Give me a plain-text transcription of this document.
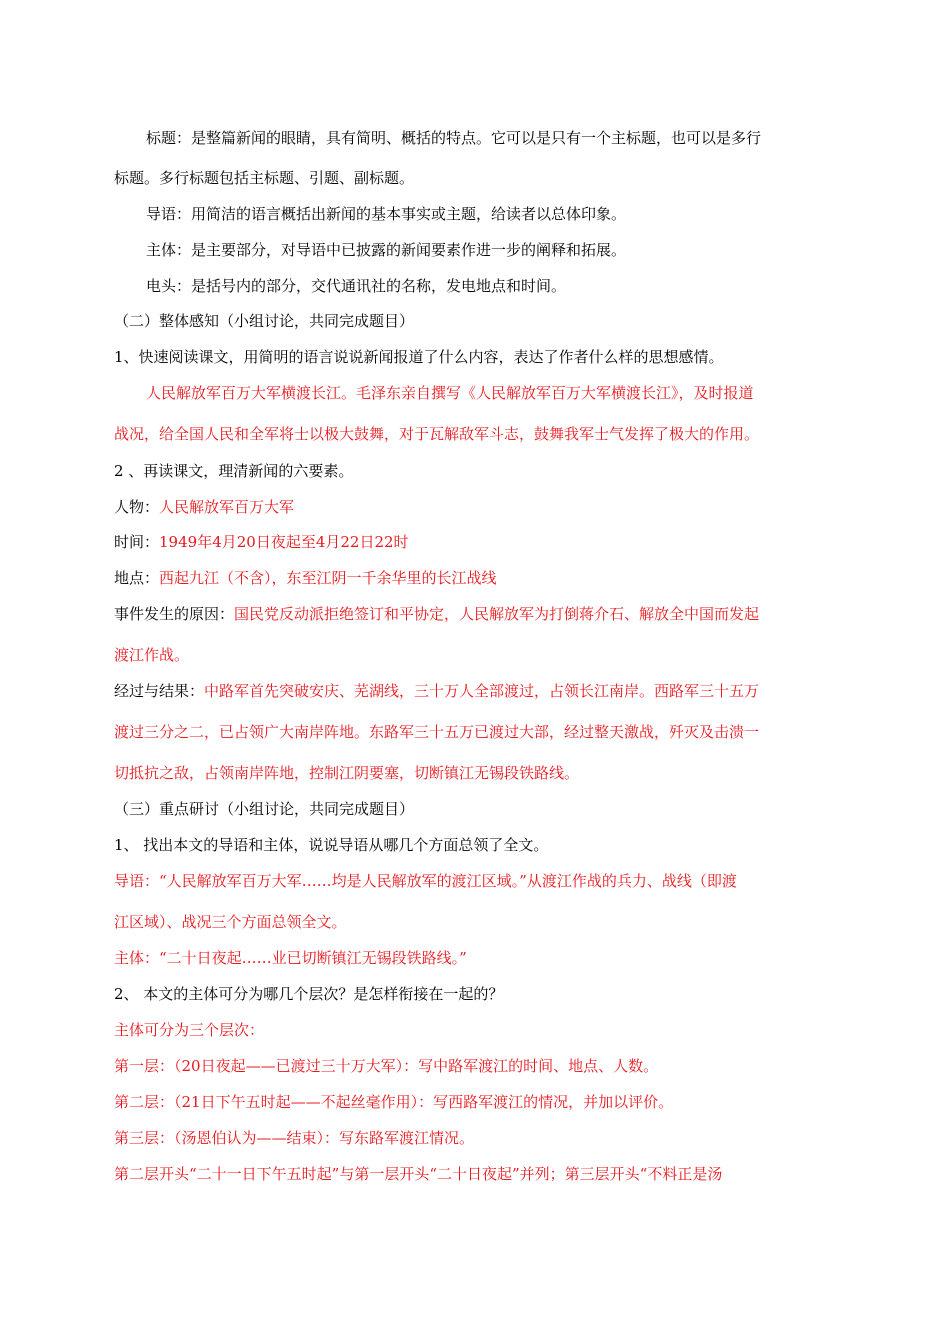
标题：是整篇新闻的眼睛，具有简明、概括的特点。它可以是只有一个主标题，也可以是多行
标题。多行标题包括主标题、引题、副标题。
导语：用简洁的语言概括出新闻的基本事实或主题，给读者以总体印象。
主体：是主要部分，对导语中已披露的新闻要素作进一步的阐释和拓展。
电头：是括号内的部分，交代通讯社的名称，发电地点和时间。
（二）整体感知（小组讨论，共同完成题目）
1、快速阅读课文，用简明的语言说说新闻报道了什么内容，表达了作者什么样的思想感情。
人民解放军百万大军横渡长江。毛泽东亲自撰写《人民解放军百万大军横渡长江》，及时报道
战况，给全国人民和全军将士以极大鼓舞，对于瓦解敌军斗志，鼓舞我军士气发挥了极大的作用。
2 、再读课文，理清新闻的六要素。
人物：人民解放军百万大军
时间：1949年4月20日夜起至4月22日22时
地点：西起九江（不含），东至江阴一千余华里的长江战线
事件发生的原因：国民党反动派拒绝签订和平协定，人民解放军为打倒蒋介石、解放全中国而发起
渡江作战。
经过与结果：中路军首先突破安庆、芜湖线，三十万人全部渡过，占领长江南岸。西路军三十五万
渡过三分之二，已占领广大南岸阵地。东路军三十五万已渡过大部，经过整天激战，歼灭及击溃一
切抵抗之敌，占领南岸阵地，控制江阴要塞，切断镇江无锡段铁路线。
（三）重点研讨（小组讨论，共同完成题目）
1、 找出本文的导语和主体，说说导语从哪几个方面总领了全文。
导语：“人民解放军百万大军……均是人民解放军的渡江区域。”从渡江作战的兵力、战线（即渡
江区域）、战况三个方面总领全文。
主体：“二十日夜起……业已切断镇江无锡段铁路线。”
2、 本文的主体可分为哪几个层次？是怎样衔接在一起的？
主体可分为三个层次：
第一层：（20日夜起——已渡过三十万大军）：写中路军渡江的时间、地点、人数。
第二层：（21日下午五时起——不起丝毫作用）：写西路军渡江的情况，并加以评价。
第三层：（汤恩伯认为——结束）：写东路军渡江情况。
第二层开头“二十一日下午五时起”与第一层开头“二十日夜起”并列；第三层开头“不料正是汤
